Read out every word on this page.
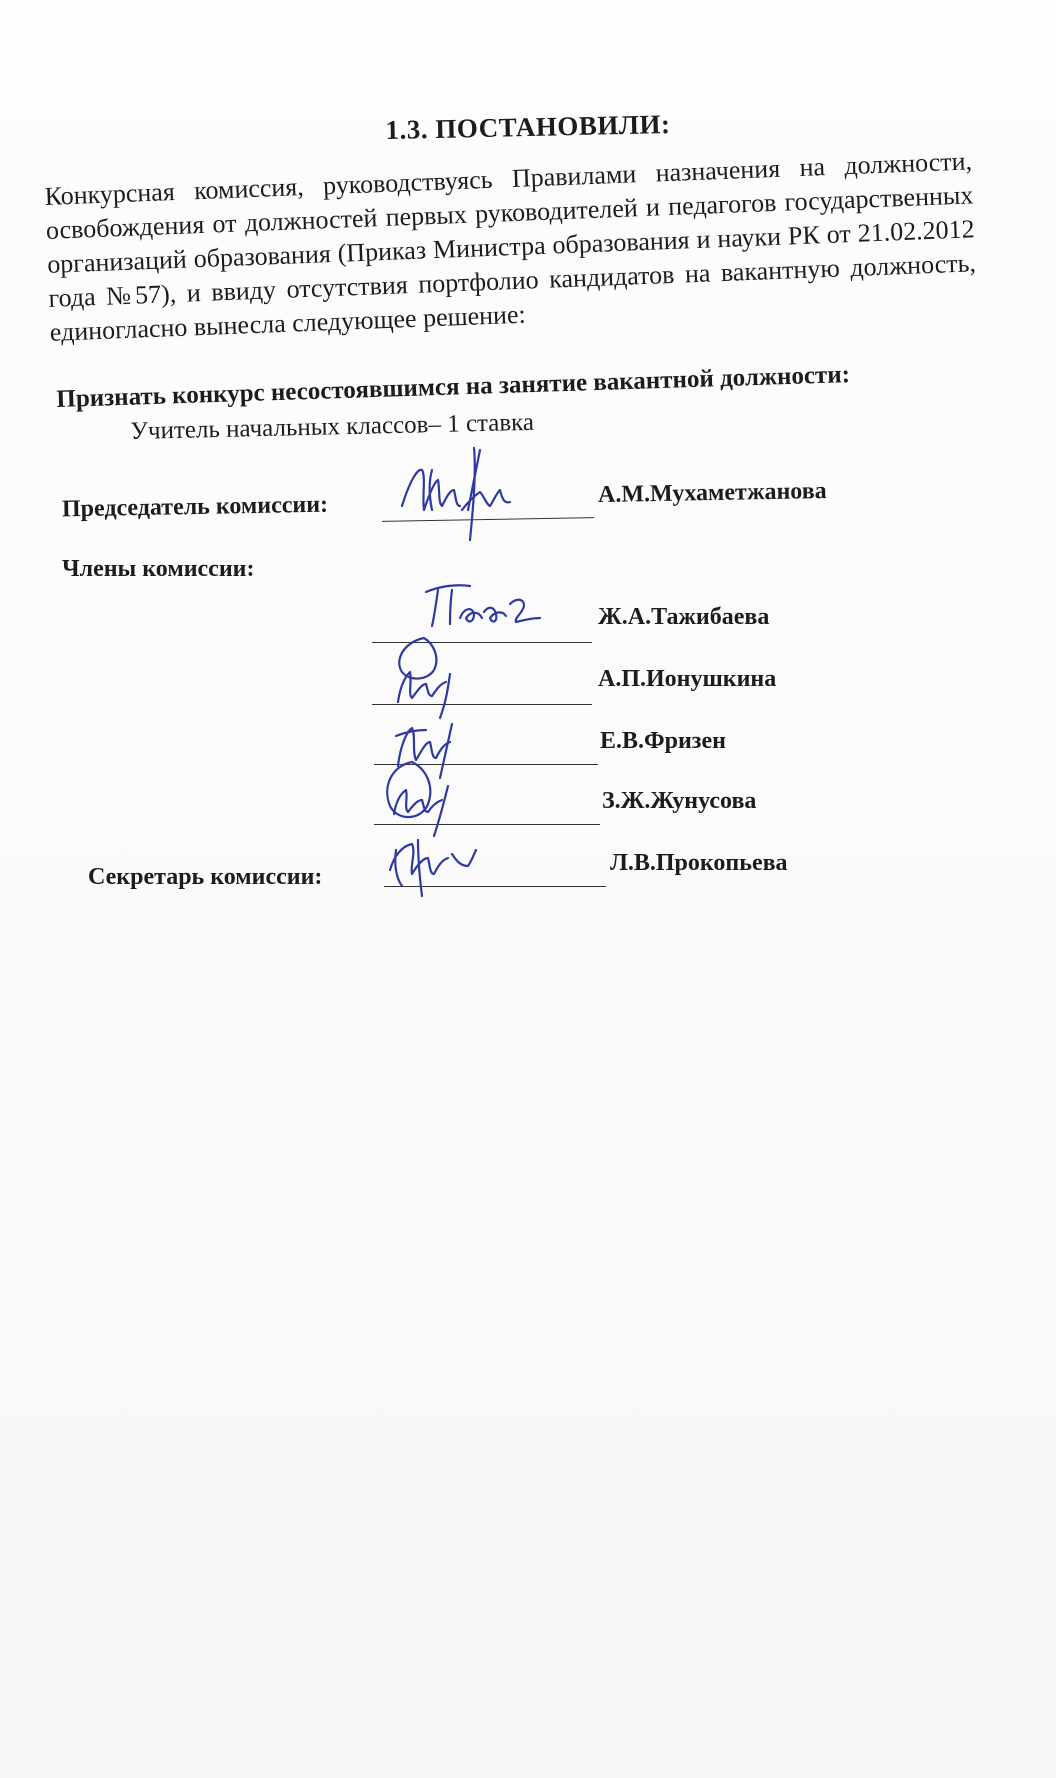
1.3. ПОСТАНОВИЛИ:
Конкурсная комиссия, руководствуясь Правилами назначения на должности, освобождения от должностей первых руководителей и педагогов государственных организаций образования (Приказ Министра образования и науки РК от 21.02.2012 года №57), и ввиду отсутствия портфолио кандидатов на вакантную должность, единогласно вынесла следующее решение:
Признать конкурс несостоявшимся на занятие вакантной должности:
Учитель начальных классов– 1 ставка
Председатель комиссии:	А.М.Мухаметжанова
Члены комиссии:
Ж.А.Тажибаева
А.П.Ионушкина
Е.В.Фризен
З.Ж.Жунусова
Секретарь комиссии:
Л.В.Прокопьева
